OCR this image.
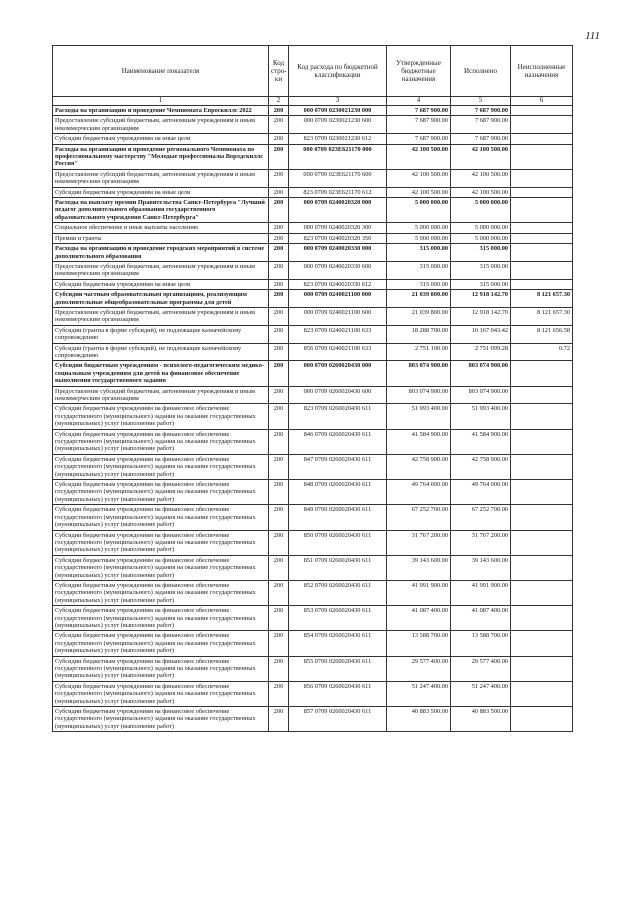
111
Наименование показателя	Код стро-ки	Код расхода по бюджетной классификации	Утвержденные бюджетные назначения	Исполнено	Неисполненные назначения
1	2	3	4	5	6
Расходы на организацию и проведение Чемпионата Евроскиллс 2022	200	000 0709 0230021230 000	7 687 900.00	7 687 900.00	
Предоставление субсидий бюджетным, автономным учреждениям и иным некоммерческим организациям	200	000 0709 0230021230 600	7 687 900.00	7 687 900.00	
Субсидии бюджетным учреждениям на иные цели	200	823 0709 0230021230 612	7 687 900.00	7 687 900.00	
Расходы на организацию и проведение регионального Чемпионата по профессиональному мастерству "Молодые профессионалы Ворлдскиллс Россия"	200	000 0709 023Е621170 000	42 100 500.00	42 100 500.00	
Предоставление субсидий бюджетным, автономным учреждениям и иным некоммерческим организациям	200	000 0709 023Е621170 600	42 100 500.00	42 100 500.00	
Субсидии бюджетным учреждениям на иные цели	200	823 0709 023Е621170 612	42 100 500.00	42 100 500.00	
Расходы на выплату премии Правительства Санкт-Петербурга "Лучший педагог дополнительного образования государственного образовательного учреждения Санкт-Петербурга"	200	000 0709 0240020320 000	5 000 000.00	5 000 000.00	
Социальное обеспечение и иные выплаты населению	200	000 0709 0240020320 300	5 000 000.00	5 000 000.00	
Премии и гранты	200	823 0709 0240020320 350	5 000 000.00	5 000 000.00	
Расходы на организацию и проведение городских мероприятий в системе дополнительного образования	200	000 0709 0240020330 000	315 000.00	315 000.00	
Предоставление субсидий бюджетным, автономным учреждениям и иным некоммерческим организациям	200	000 0709 0240020330 600	315 000.00	315 000.00	
Субсидии бюджетным учреждениям на иные цели	200	823 0709 0240020330 612	315 000.00	315 000.00	
Субсидии частным образовательным организациям, реализующим дополнительные общеобразовательные программы для детей	200	000 0709 0240021100 000	21 039 800.00	12 918 142.70	8 121 657.30
Предоставление субсидий бюджетным, автономным учреждениям и иным некоммерческим организациям	200	000 0709 0240021100 600	21 039 800.00	12 918 142.70	8 121 657.30
Субсидии (гранты в форме субсидий), не подлежащие казначейскому сопровождению	200	823 0709 0240021100 633	18 288 700.00	10 167 043.42	8 121 656.58
Субсидии (гранты в форме субсидий), не подлежащие казначейскому сопровождению	200	856 0709 0240021100 633	2 751 100.00	2 751 099.28	0.72
Субсидии бюджетным учреждениям - психолого-педагогическим медико-социальным учреждениям для детей на финансовое обеспечение выполнения государственного задания	200	000 0709 0260020430 000	803 074 900.00	803 074 900.00	
Предоставление субсидий бюджетным, автономным учреждениям и иным некоммерческим организациям	200	000 0709 0260020430 600	803 074 900.00	803 074 900.00	
Субсидии бюджетным учреждениям на финансовое обеспечение государственного (муниципального) задания на оказание государственных (муниципальных) услуг (выполнение работ)	200	823 0709 0260020430 611	51 993 400.00	51 993 400.00	
Субсидии бюджетным учреждениям на финансовое обеспечение государственного (муниципального) задания на оказание государственных (муниципальных) услуг (выполнение работ)	200	846 0709 0260020430 611	41 584 900.00	41 584 900.00	
Субсидии бюджетным учреждениям на финансовое обеспечение государственного (муниципального) задания на оказание государственных (муниципальных) услуг (выполнение работ)	200	847 0709 0260020430 611	42 758 900.00	42 758 900.00	
Субсидии бюджетным учреждениям на финансовое обеспечение государственного (муниципального) задания на оказание государственных (муниципальных) услуг (выполнение работ)	200	848 0709 0260020430 611	49 764 000.00	49 764 000.00	
Субсидии бюджетным учреждениям на финансовое обеспечение государственного (муниципального) задания на оказание государственных (муниципальных) услуг (выполнение работ)	200	849 0709 0260020430 611	67 252 700.00	67 252 700.00	
Субсидии бюджетным учреждениям на финансовое обеспечение государственного (муниципального) задания на оказание государственных (муниципальных) услуг (выполнение работ)	200	850 0709 0260020430 611	31 767 200.00	31 767 200.00	
Субсидии бюджетным учреждениям на финансовое обеспечение государственного (муниципального) задания на оказание государственных (муниципальных) услуг (выполнение работ)	200	851 0709 0260020430 611	39 143 600.00	39 143 600.00	
Субсидии бюджетным учреждениям на финансовое обеспечение государственного (муниципального) задания на оказание государственных (муниципальных) услуг (выполнение работ)	200	852 0709 0260020430 611	41 991 900.00	41 991 900.00	
Субсидии бюджетным учреждениям на финансовое обеспечение государственного (муниципального) задания на оказание государственных (муниципальных) услуг (выполнение работ)	200	853 0709 0260020430 611	41 087 400.00	41 087 400.00	
Субсидии бюджетным учреждениям на финансовое обеспечение государственного (муниципального) задания на оказание государственных (муниципальных) услуг (выполнение работ)	200	854 0709 0260020430 611	13 588 700.00	13 588 700.00	
Субсидии бюджетным учреждениям на финансовое обеспечение государственного (муниципального) задания на оказание государственных (муниципальных) услуг (выполнение работ)	200	855 0709 0260020430 611	29 577 400.00	29 577 400.00	
Субсидии бюджетным учреждениям на финансовое обеспечение государственного (муниципального) задания на оказание государственных (муниципальных) услуг (выполнение работ)	200	856 0709 0260020430 611	51 247 400.00	51 247 400.00	
Субсидии бюджетным учреждениям на финансовое обеспечение государственного (муниципального) задания на оказание государственных (муниципальных) услуг (выполнение работ)	200	857 0709 0260020430 611	40 883 500.00	40 883 500.00	
